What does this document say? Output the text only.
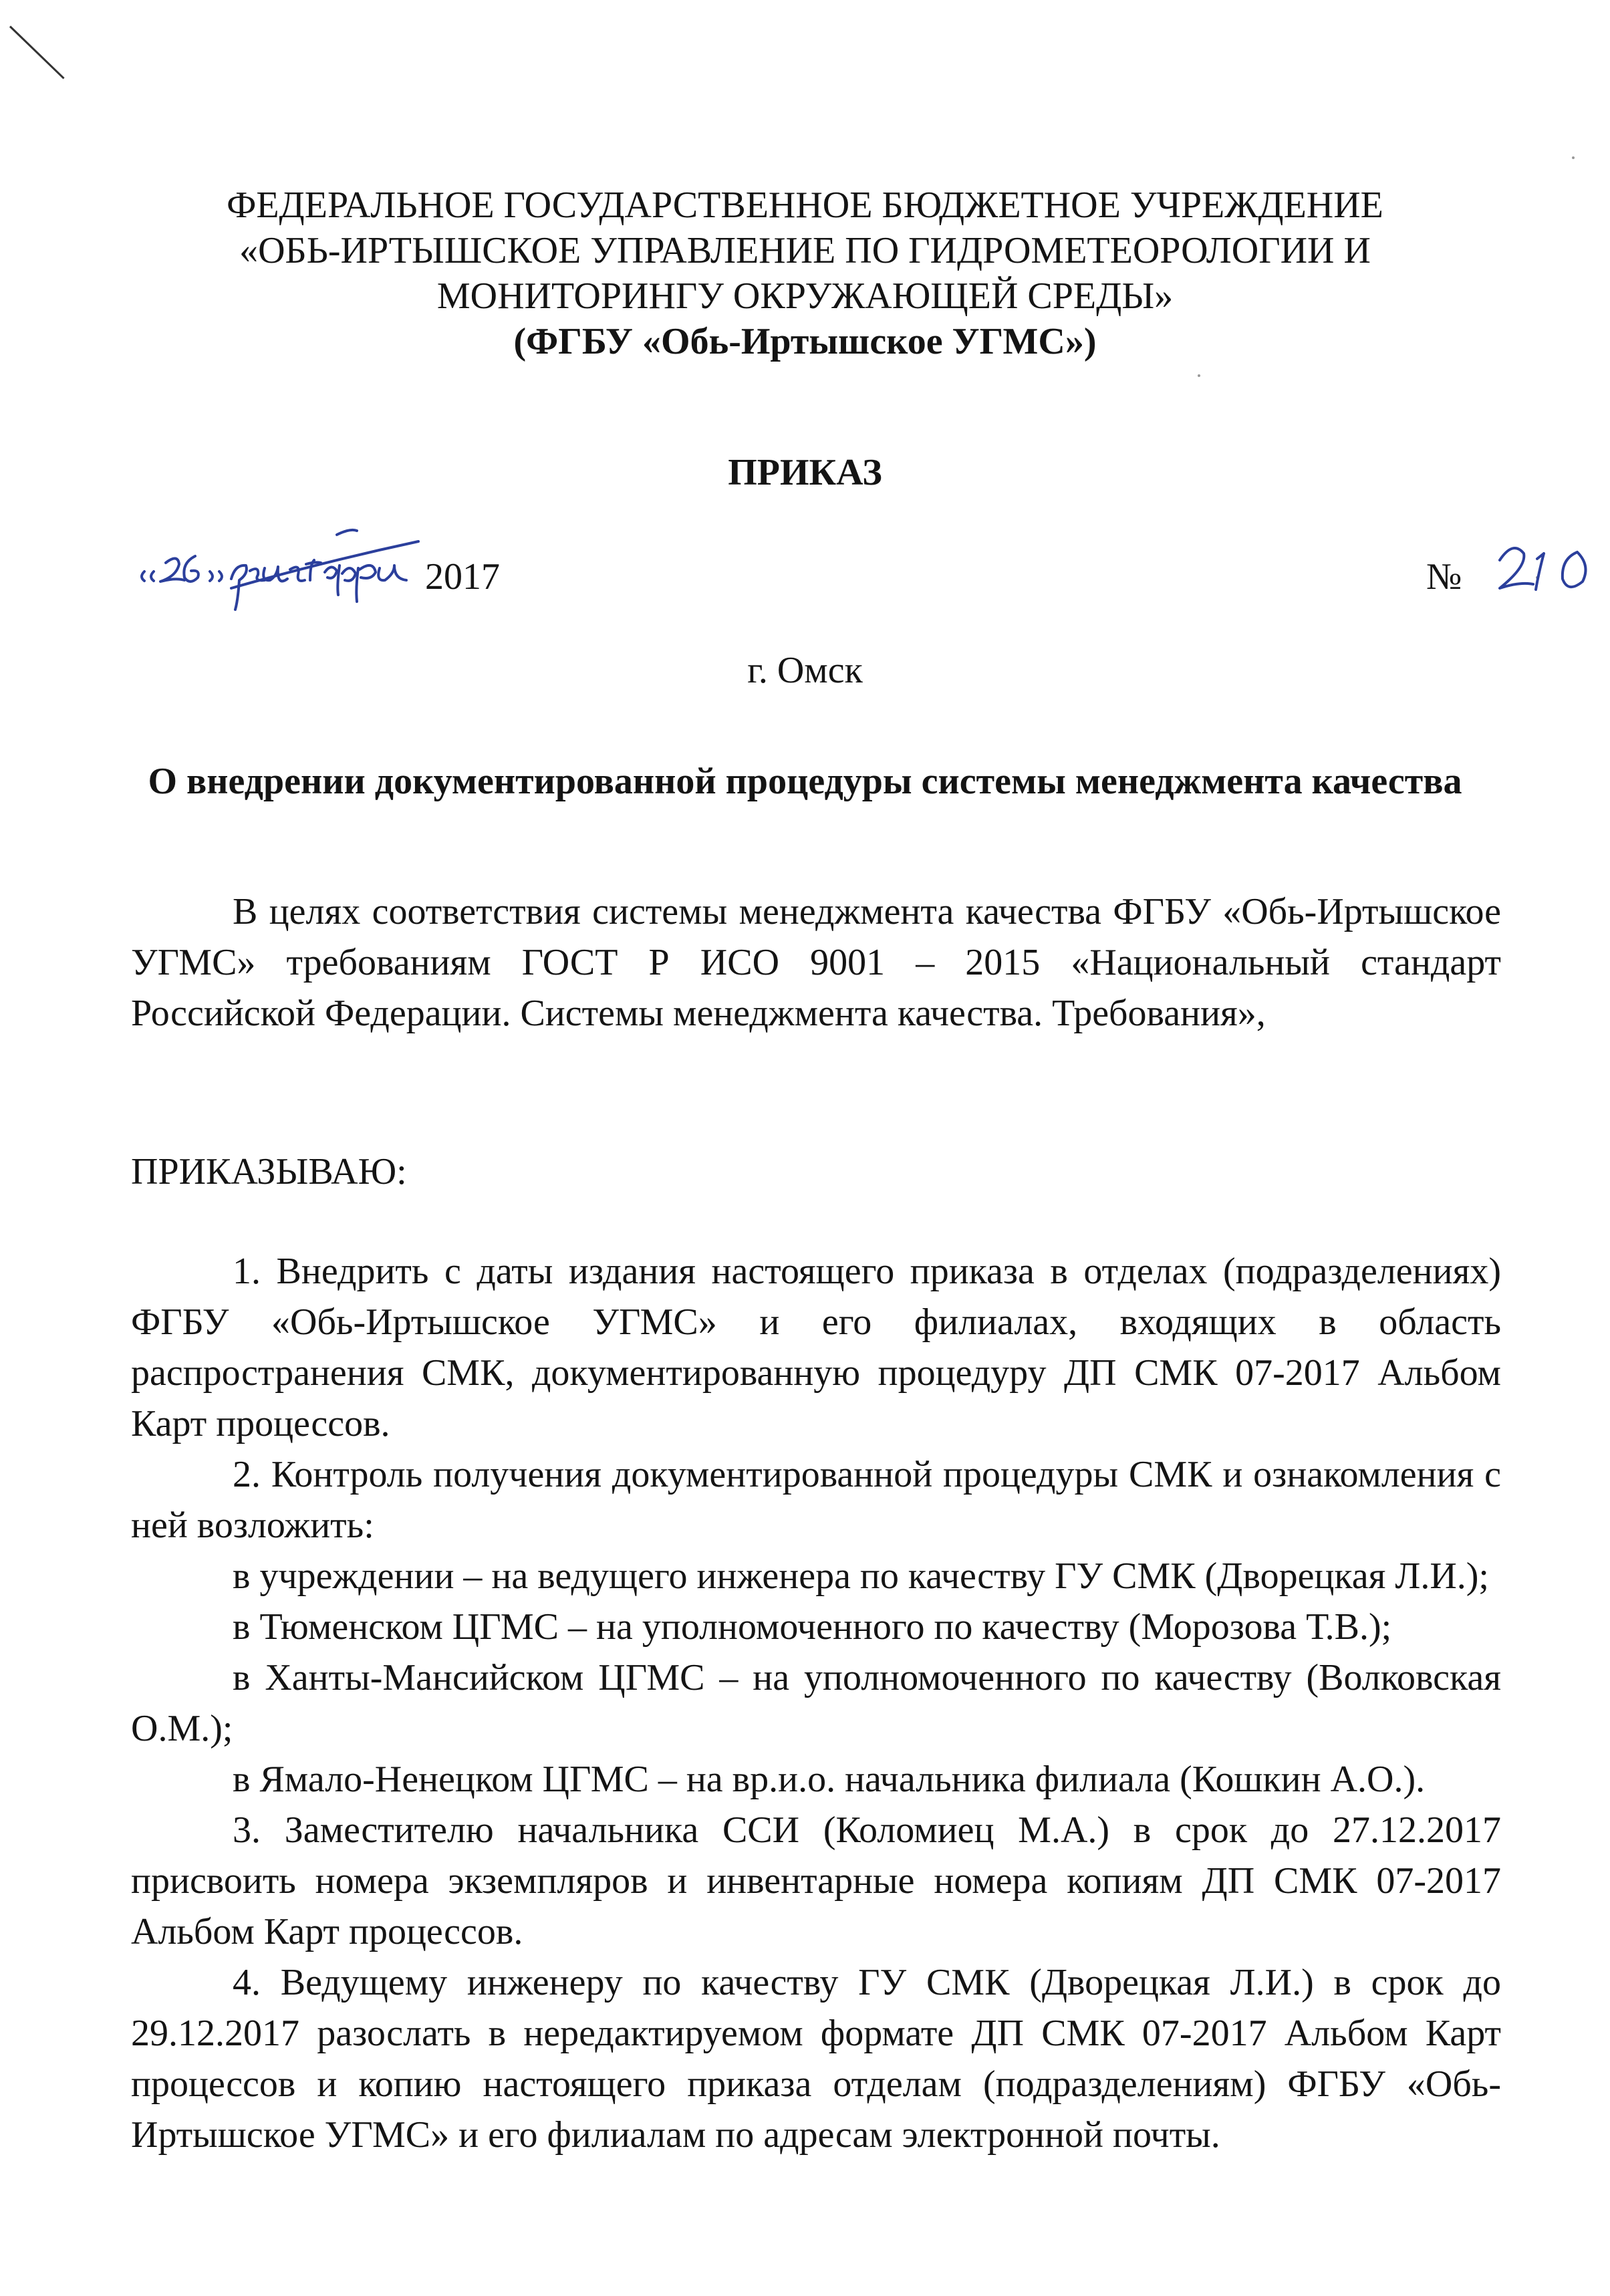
ФЕДЕРАЛЬНОЕ ГОСУДАРСТВЕННОЕ БЮДЖЕТНОЕ УЧРЕЖДЕНИЕ
«ОБЬ-ИРТЫШСКОЕ УПРАВЛЕНИЕ ПО ГИДРОМЕТЕОРОЛОГИИ И
МОНИТОРИНГУ ОКРУЖАЮЩЕЙ СРЕДЫ»
(ФГБУ «Обь-Иртышское УГМС»)
ПРИКАЗ
2017	№
г. Омск
О внедрении документированной процедуры системы менеджмента качества

В целях соответствия системы менеджмента качества ФГБУ «Обь-Иртышское УГМС» требованиям ГОСТ Р ИСО 9001 – 2015 «Национальный стандарт Российской Федерации. Системы менеджмента качества. Требования»,

ПРИКАЗЫВАЮ:

1. Внедрить с даты издания настоящего приказа в отделах (подразделениях) ФГБУ «Обь-Иртышское УГМС» и его филиалах, входящих в область распространения СМК, документированную процедуру ДП СМК 07-2017 Альбом Карт процессов.

2. Контроль получения документированной процедуры СМК и ознакомления с ней возложить:

в учреждении – на ведущего инженера по качеству ГУ СМК (Дворецкая Л.И.);

в Тюменском ЦГМС – на уполномоченного по качеству (Морозова Т.В.);

в Ханты-Мансийском ЦГМС – на уполномоченного по качеству (Волковская О.М.);

в Ямало-Ненецком ЦГМС – на вр.и.о. начальника филиала (Кошкин А.О.).

3. Заместителю начальника ССИ (Коломиец М.А.) в срок до 27.12.2017 присвоить номера экземпляров и инвентарные номера копиям ДП СМК 07-2017 Альбом Карт процессов.

4. Ведущему инженеру по качеству ГУ СМК (Дворецкая Л.И.) в срок до 29.12.2017 разослать в нередактируемом формате ДП СМК 07-2017 Альбом Карт процессов и копию настоящего приказа отделам (подразделениям) ФГБУ «Обь-Иртышское УГМС» и его филиалам по адресам электронной почты.
